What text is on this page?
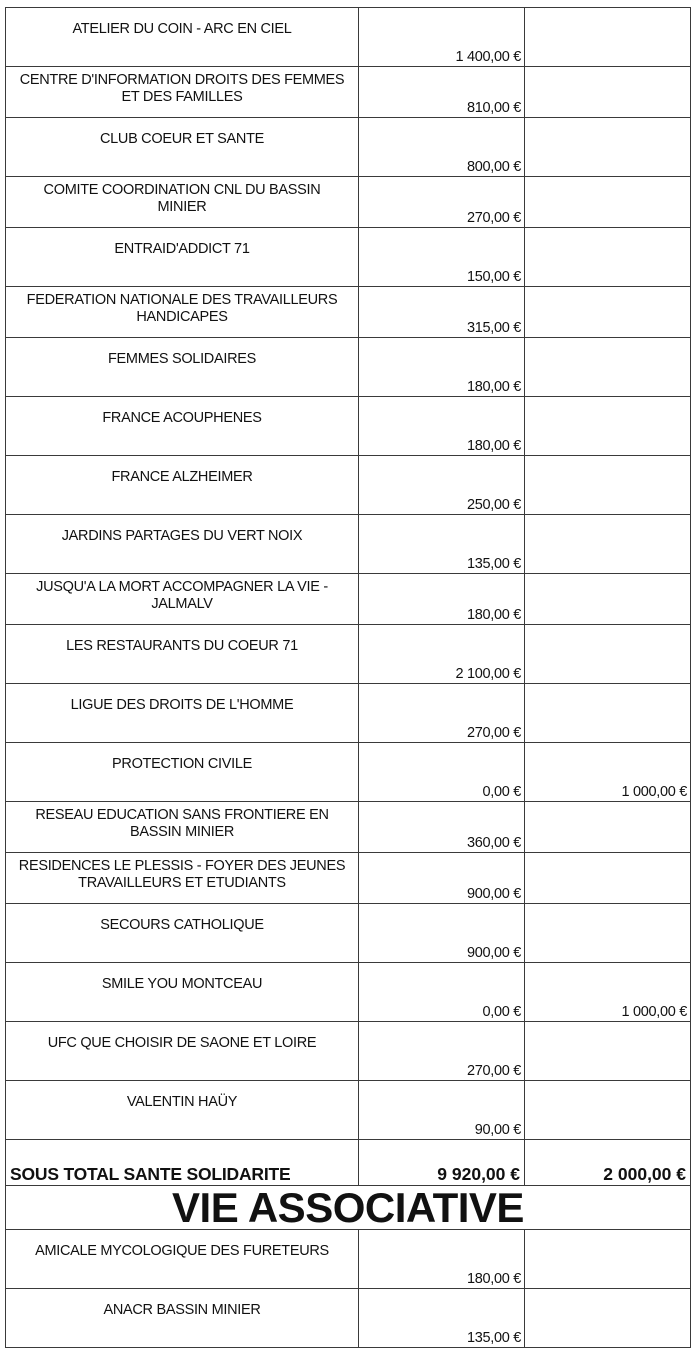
ATELIER DU COIN - ARC EN CIEL	1 400,00 €	
CENTRE D'INFORMATION DROITS DES FEMMES
ET DES FAMILLES	810,00 €	
CLUB COEUR ET SANTE	800,00 €	
COMITE COORDINATION CNL DU BASSIN
MINIER	270,00 €	
ENTRAID'ADDICT 71	150,00 €	
FEDERATION NATIONALE DES TRAVAILLEURS
HANDICAPES	315,00 €	
FEMMES SOLIDAIRES	180,00 €	
FRANCE ACOUPHENES	180,00 €	
FRANCE ALZHEIMER	250,00 €	
JARDINS PARTAGES DU VERT NOIX	135,00 €	
JUSQU'A LA MORT ACCOMPAGNER LA VIE -
JALMALV	180,00 €	
LES RESTAURANTS DU COEUR 71	2 100,00 €	
LIGUE DES DROITS DE L'HOMME	270,00 €	
PROTECTION CIVILE	0,00 €	1 000,00 €
RESEAU EDUCATION SANS FRONTIERE EN
BASSIN MINIER	360,00 €	
RESIDENCES LE PLESSIS - FOYER DES JEUNES
TRAVAILLEURS ET ETUDIANTS	900,00 €	
SECOURS CATHOLIQUE	900,00 €	
SMILE YOU MONTCEAU	0,00 €	1 000,00 €
UFC QUE CHOISIR DE SAONE ET LOIRE	270,00 €	
VALENTIN HAÜY	90,00 €	
SOUS TOTAL SANTE SOLIDARITE	9 920,00 €	2 000,00 €
VIE ASSOCIATIVE		
AMICALE MYCOLOGIQUE DES FURETEURS	180,00 €	
ANACR BASSIN MINIER	135,00 €	
